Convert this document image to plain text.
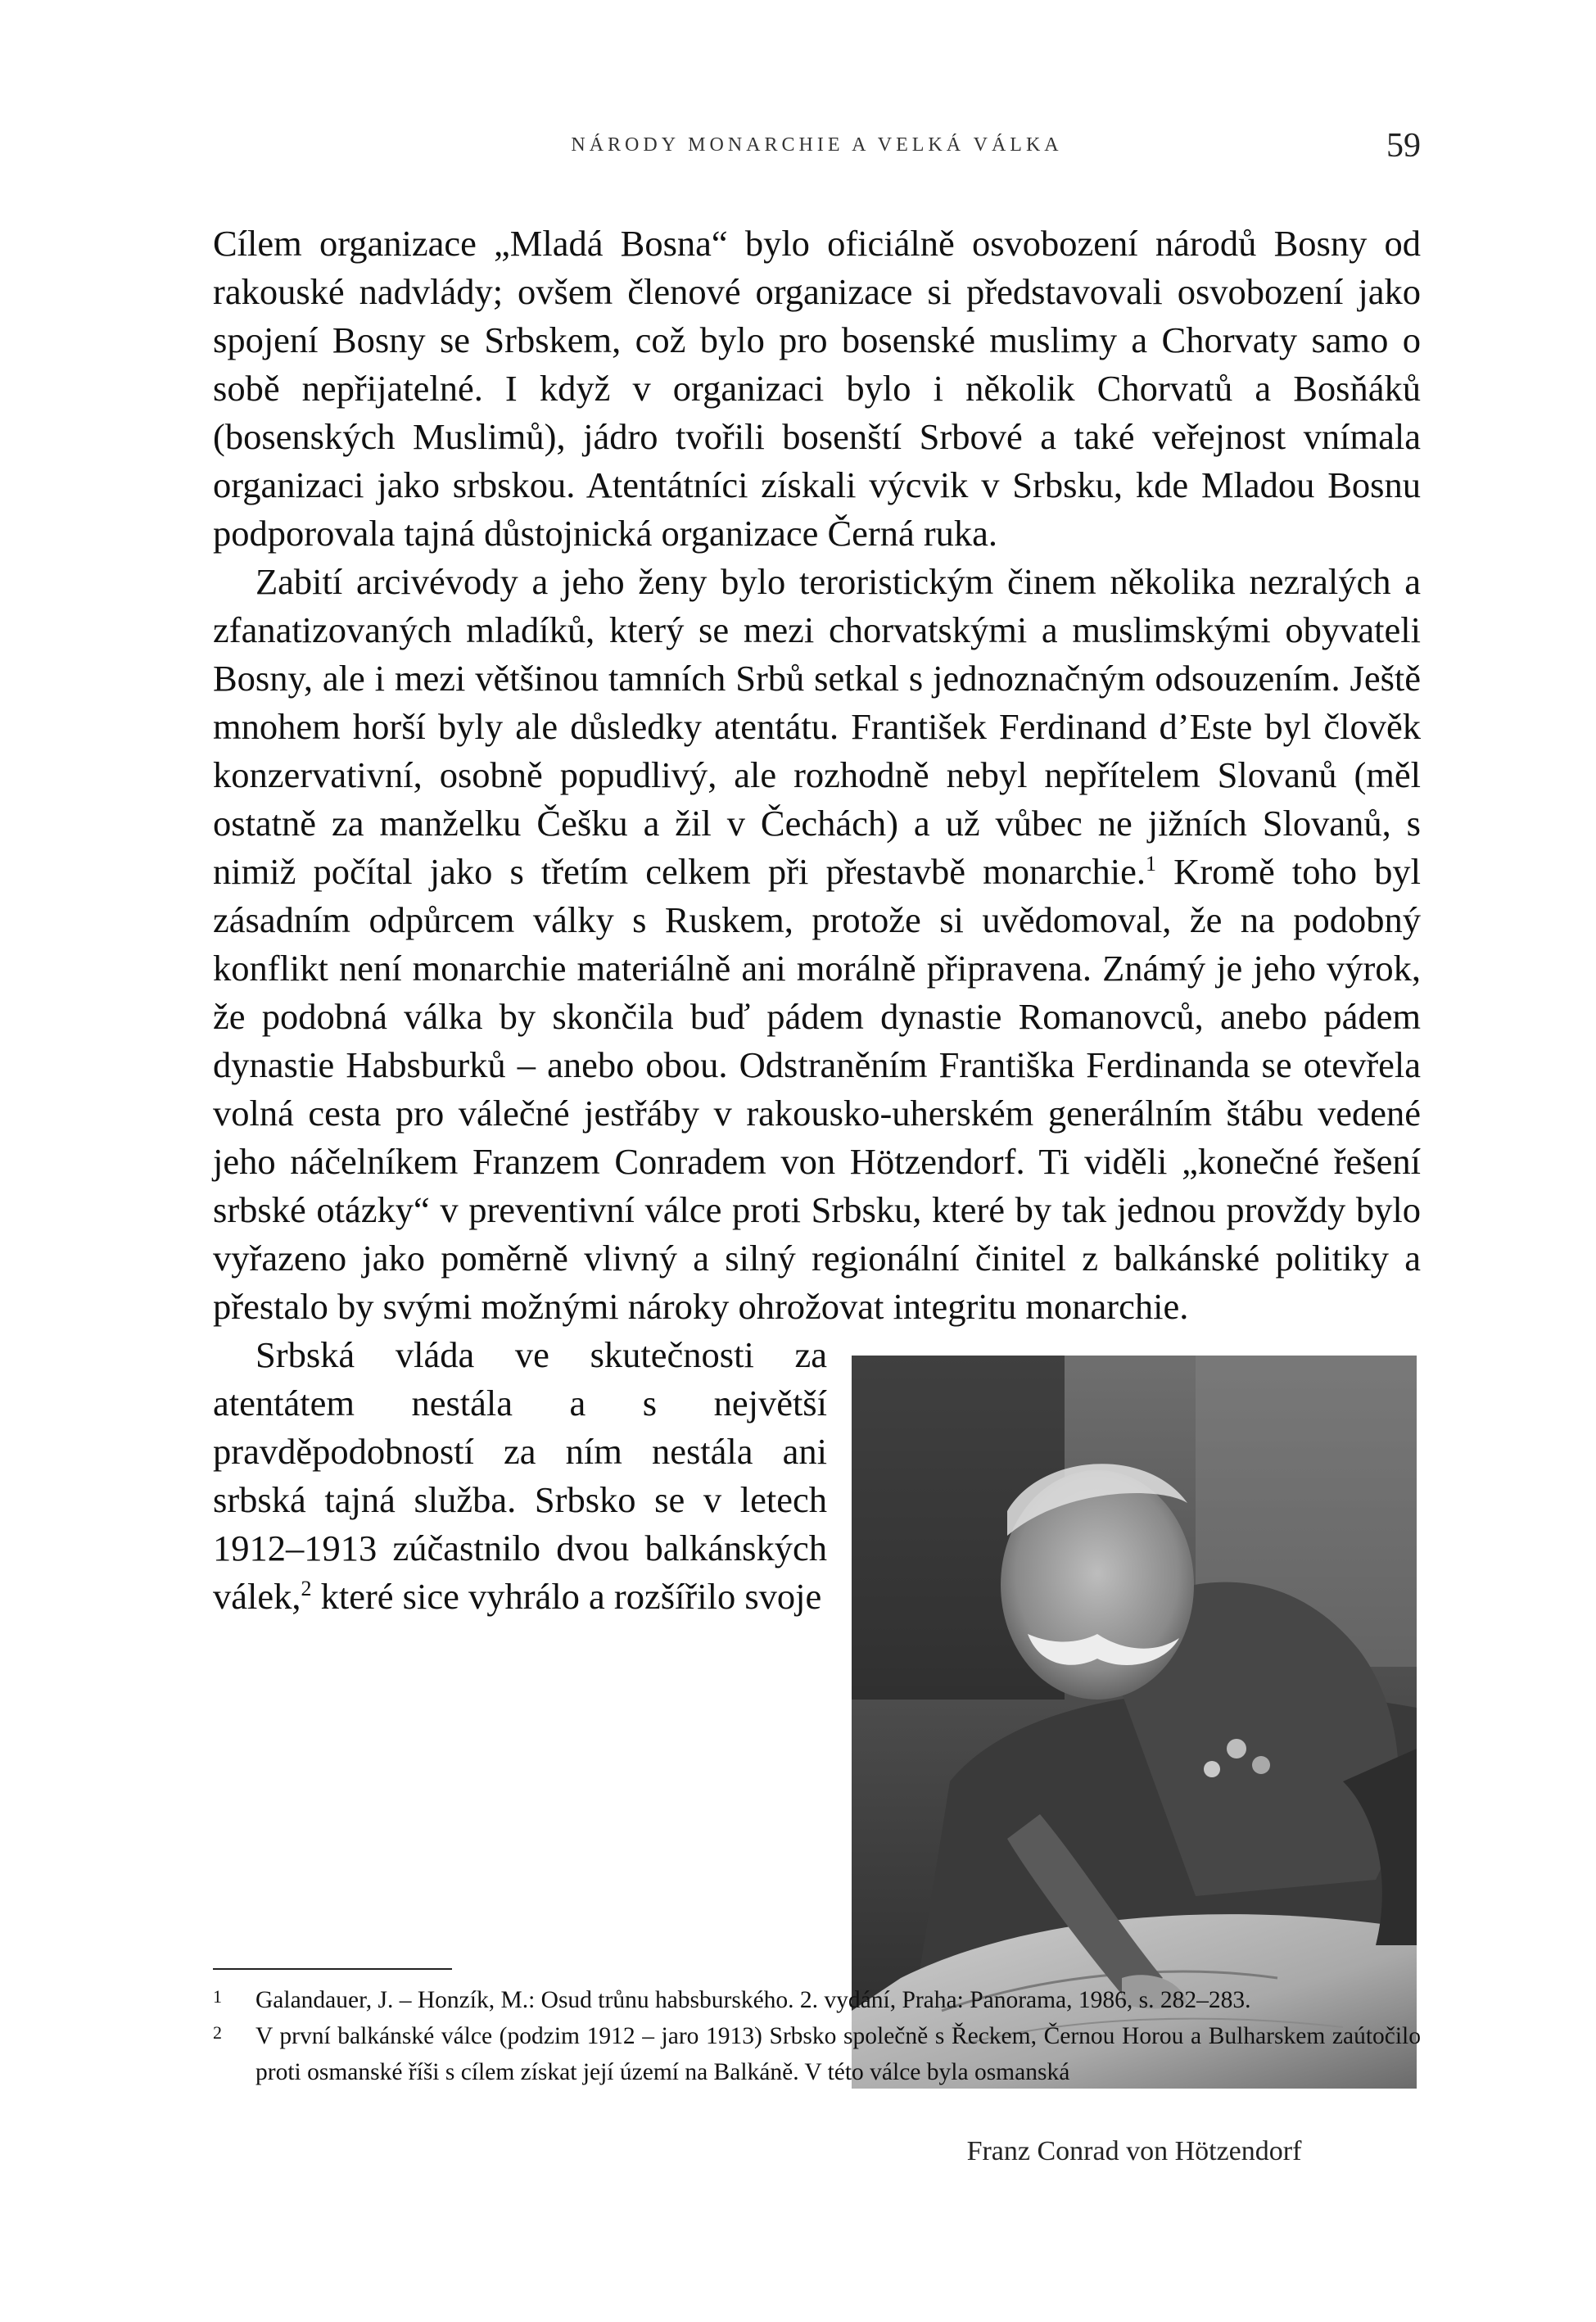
NÁRODY MONARCHIE A VELKÁ VÁLKA	59

Cílem organizace „Mladá Bosna“ bylo oficiálně osvobození národů Bosny od rakouské nadvlády; ovšem členové organizace si představovali osvobození jako spojení Bosny se Srbskem, což bylo pro bosenské muslimy a Chorvaty samo o sobě nepřijatelné. I když v organizaci bylo i několik Chorvatů a Bosňáků (bosenských Muslimů), jádro tvořili bosenští Srbové a také veřejnost vnímala organizaci jako srbskou. Atentátníci získali výcvik v Srbsku, kde Mladou Bosnu podporovala tajná důstojnická organizace Černá ruka.

Zabití arcivévody a jeho ženy bylo teroristickým činem několika nezralých a zfanatizovaných mladíků, který se mezi chorvatskými a muslimskými obyvateli Bosny, ale i mezi většinou tamních Srbů setkal s jednoznačným odsouzením. Ještě mnohem horší byly ale důsledky atentátu. František Ferdinand d’Este byl člověk konzervativní, osobně popudlivý, ale rozhodně nebyl nepřítelem Slovanů (měl ostatně za manželku Češku a žil v Čechách) a už vůbec ne jižních Slovanů, s nimiž počítal jako s třetím celkem při přestavbě monarchie.$^1$ Kromě toho byl zásadním odpůrcem války s Ruskem, protože si uvědomoval, že na podobný konflikt není monarchie materiálně ani morálně připravena. Známý je jeho výrok, že podobná válka by skončila buď pádem dynastie Romanovců, anebo pádem dynastie Habsburků – anebo obou. Odstraněním Františka Ferdinanda se otevřela volná cesta pro válečné jestřáby v rakousko-uherském generálním štábu vedené jeho náčelníkem Franzem Conradem von Hötzendorf. Ti viděli „konečné řešení srbské otázky“ v preventivní válce proti Srbsku, které by tak jednou provždy bylo vyřazeno jako poměrně vlivný a silný regionální činitel z balkánské politiky a přestalo by svými možnými nároky ohrožovat integritu monarchie.

Franz Conrad von Hötzendorf

Srbská vláda ve skutečnosti za atentátem nestála a s největší pravděpodobností za ním nestála ani srbská tajná služba. Srbsko se v letech 1912–1913 zúčastnilo dvou balkánských válek,$^2$ které sice vyhrálo a rozšířilo svoje

1 Galandauer, J. – Honzík, M.: Osud trůnu habsburského. 2. vydání, Praha: Panorama, 1986, s. 282–283.

2 V první balkánské válce (podzim 1912 – jaro 1913) Srbsko společně s Řeckem, Černou Horou a Bulharskem zaútočilo proti osmanské říši s cílem získat její území na Balkáně. V této válce byla osmanská
